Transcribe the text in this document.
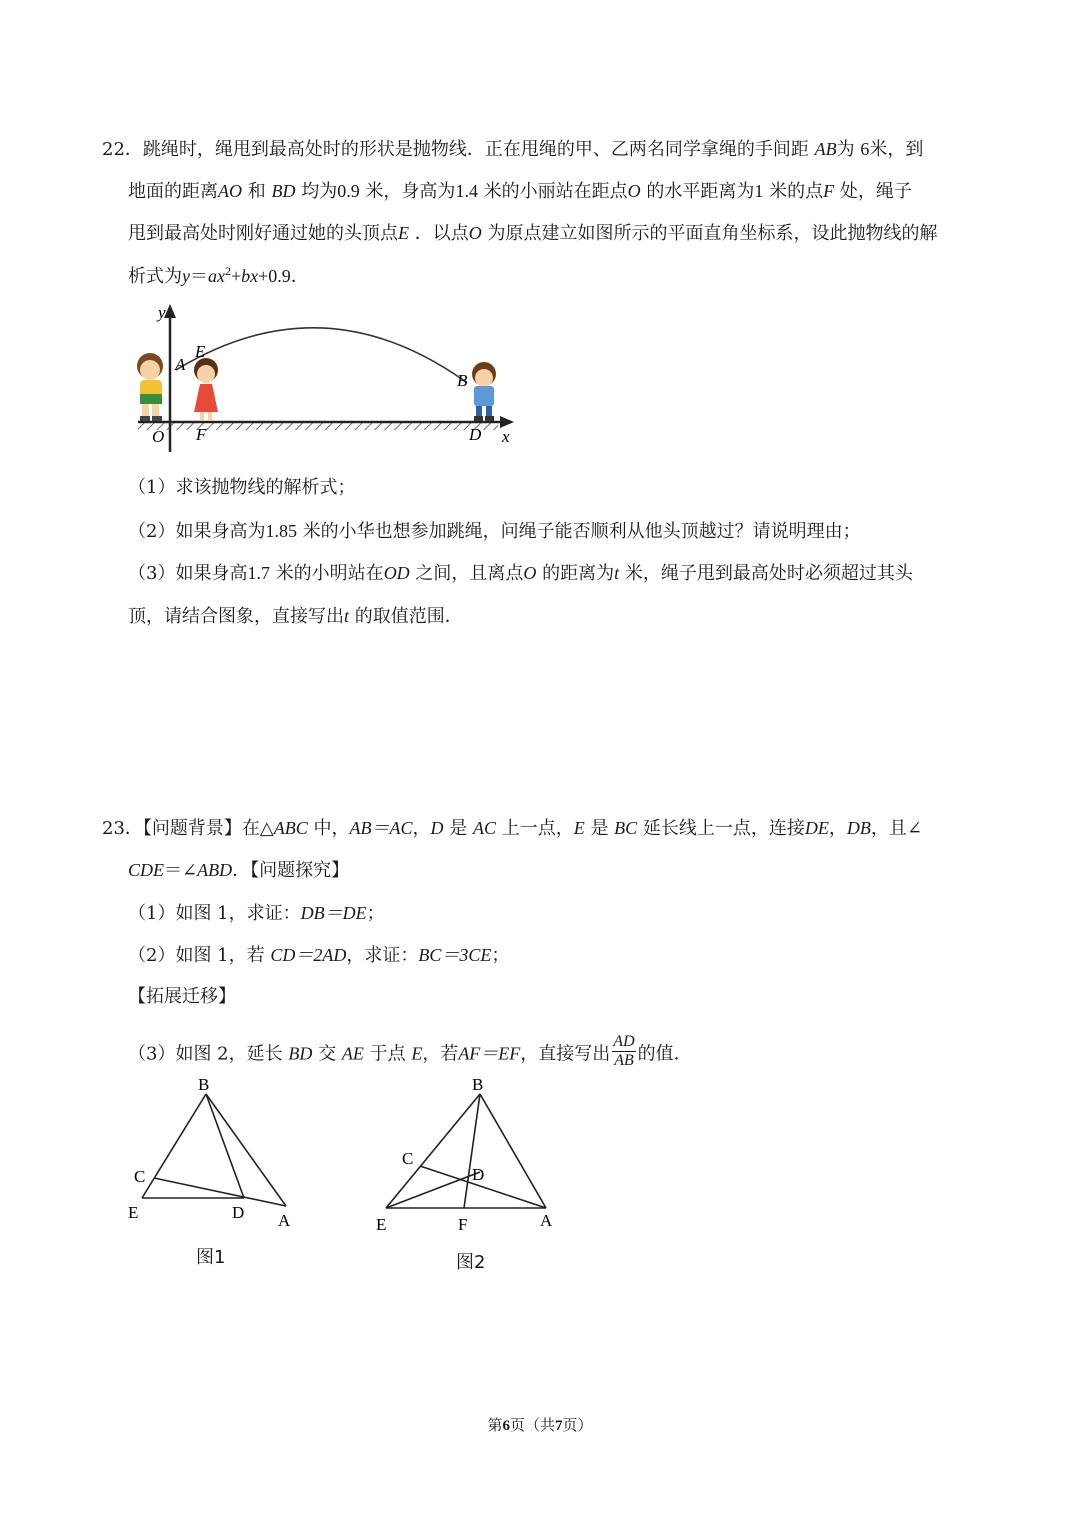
22．跳绳时，绳甩到最高处时的形状是抛物线．正在甩绳的甲、乙两名同学拿绳的手间距 AB为 6米，到
地面的距离AO 和 BD 均为0.9 米，身高为1.4 米的小丽站在距点O 的水平距离为1 米的点F 处，绳子
甩到最高处时刚好通过她的头顶点E ．以点O 为原点建立如图所示的平面直角坐标系，设此抛物线的解
析式为$y=ax^2+bx+0.9$．
y
A
E
B
O F	D x
（1）求该抛物线的解析式；
（2）如果身高为1.85 米的小华也想参加跳绳，问绳子能否顺利从他头顶越过？请说明理由；
（3）如果身高1.7 米的小明站在OD 之间，且离点O 的距离为t 米，绳子甩到最高处时必须超过其头
顶，请结合图象，直接写出t 的取值范围．
23．【问题背景】在△ABC 中，AB＝AC，D 是 AC 上一点，E 是 BC 延长线上一点，连接DE，DB，且∠
CDE＝∠ABD．【问题探究】
（1）如图 1，求证：DB＝DE；
（2）如图 1，若 CD＝2AD，求证：BC＝3CE；
【拓展迁移】
（3）如图 2，延长 BD 交 AE 于点 E，若AF＝EF，直接写出 $\frac{AD}{AB}$ 的值．
B
C
E	D A
图1
B
C
D
E	F	A
图2
第6页（共7页）
